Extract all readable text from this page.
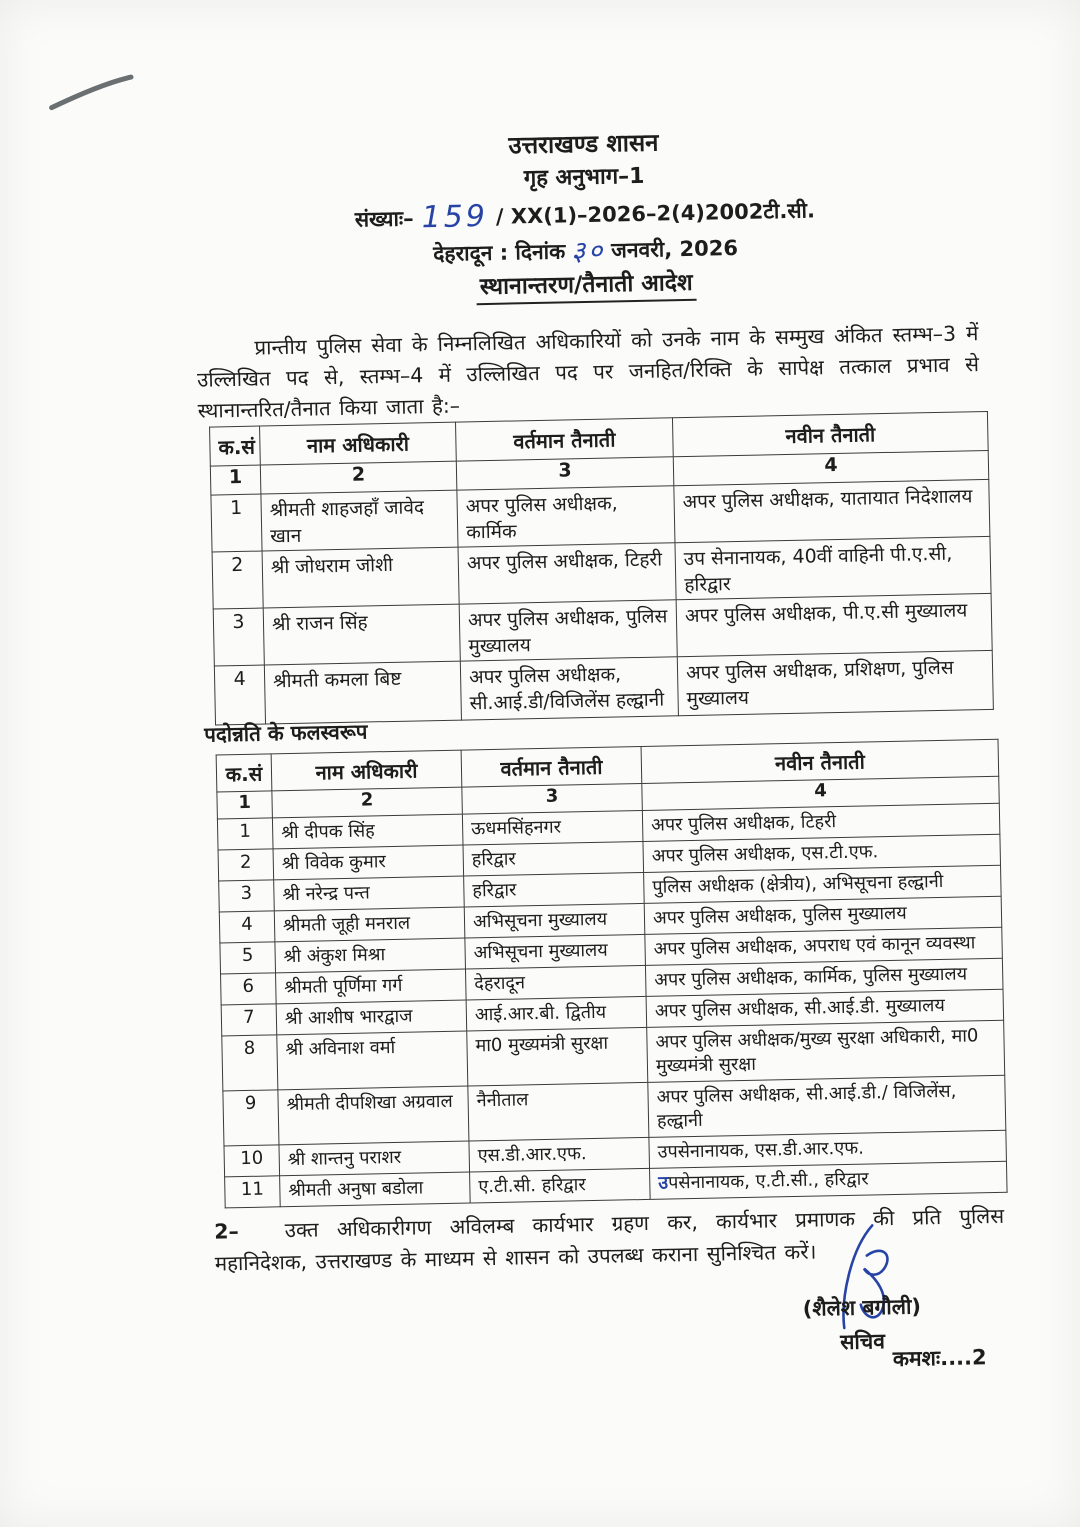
उत्तराखण्ड शासन
गृह अनुभाग–1
संख्याः– 159 / XX(1)–2026–2(4)2002टी.सी.
देहरादून : दिनांक ३० जनवरी, 2026
स्थानान्तरण/तैनाती आदेश

प्रान्तीय पुलिस सेवा के निम्नलिखित अधिकारियों को उनके नाम के सम्मुख अंकित स्तम्भ–3 में उल्लिखित पद से, स्तम्भ–4 में उल्लिखित पद पर जनहित/रिक्ति के सापेक्ष तत्काल प्रभाव से स्थानान्तरित/तैनात किया जाता है:–

क.सं	नाम अधिकारी	वर्तमान तैनाती	नवीन तैनाती
1	2	3	4
1	श्रीमती शाहजहाँ जावेद खान	अपर पुलिस अधीक्षक, कार्मिक	अपर पुलिस अधीक्षक, यातायात निदेशालय
2	श्री जोधराम जोशी	अपर पुलिस अधीक्षक, टिहरी	उप सेनानायक, 40वीं वाहिनी पी.ए.सी, हरिद्वार
3	श्री राजन सिंह	अपर पुलिस अधीक्षक, पुलिस मुख्यालय	अपर पुलिस अधीक्षक, पी.ए.सी मुख्यालय
4	श्रीमती कमला बिष्ट	अपर पुलिस अधीक्षक, सी.आई.डी/विजिलेंस हल्द्वानी	अपर पुलिस अधीक्षक, प्रशिक्षण, पुलिस मुख्यालय
पदोन्नति के फलस्वरूप
क.सं	नाम अधिकारी	वर्तमान तैनाती	नवीन तैनाती
1	2	3	4
1	श्री दीपक सिंह	ऊधमसिंहनगर	अपर पुलिस अधीक्षक, टिहरी
2	श्री विवेक कुमार	हरिद्वार	अपर पुलिस अधीक्षक, एस.टी.एफ.
3	श्री नरेन्द्र पन्त	हरिद्वार	पुलिस अधीक्षक (क्षेत्रीय), अभिसूचना हल्द्वानी
4	श्रीमती जूही मनराल	अभिसूचना मुख्यालय	अपर पुलिस अधीक्षक, पुलिस मुख्यालय
5	श्री अंकुश मिश्रा	अभिसूचना मुख्यालय	अपर पुलिस अधीक्षक, अपराध एवं कानून व्यवस्था
6	श्रीमती पूर्णिमा गर्ग	देहरादून	अपर पुलिस अधीक्षक, कार्मिक, पुलिस मुख्यालय
7	श्री आशीष भारद्वाज	आई.आर.बी. द्वितीय	अपर पुलिस अधीक्षक, सी.आई.डी. मुख्यालय
8	श्री अविनाश वर्मा	मा0 मुख्यमंत्री सुरक्षा	अपर पुलिस अधीक्षक/मुख्य सुरक्षा अधिकारी, मा0 मुख्यमंत्री सुरक्षा
9	श्रीमती दीपशिखा अग्रवाल	नैनीताल	अपर पुलिस अधीक्षक, सी.आई.डी./ विजिलेंस, हल्द्वानी
10	श्री शान्तनु पराशर	एस.डी.आर.एफ.	उपसेनानायक, एस.डी.आर.एफ.
11	श्रीमती अनुषा बडोला	ए.टी.सी. हरिद्वार	उपसेनानायक, ए.टी.सी., हरिद्वार

2– उक्त अधिकारीगण अविलम्ब कार्यभार ग्रहण कर, कार्यभार प्रमाणक की प्रति पुलिस महानिदेशक, उत्तराखण्ड के माध्यम से शासन को उपलब्ध कराना सुनिश्चित करें।

(शैलेश बगौली)
सचिव
कमशः....2
